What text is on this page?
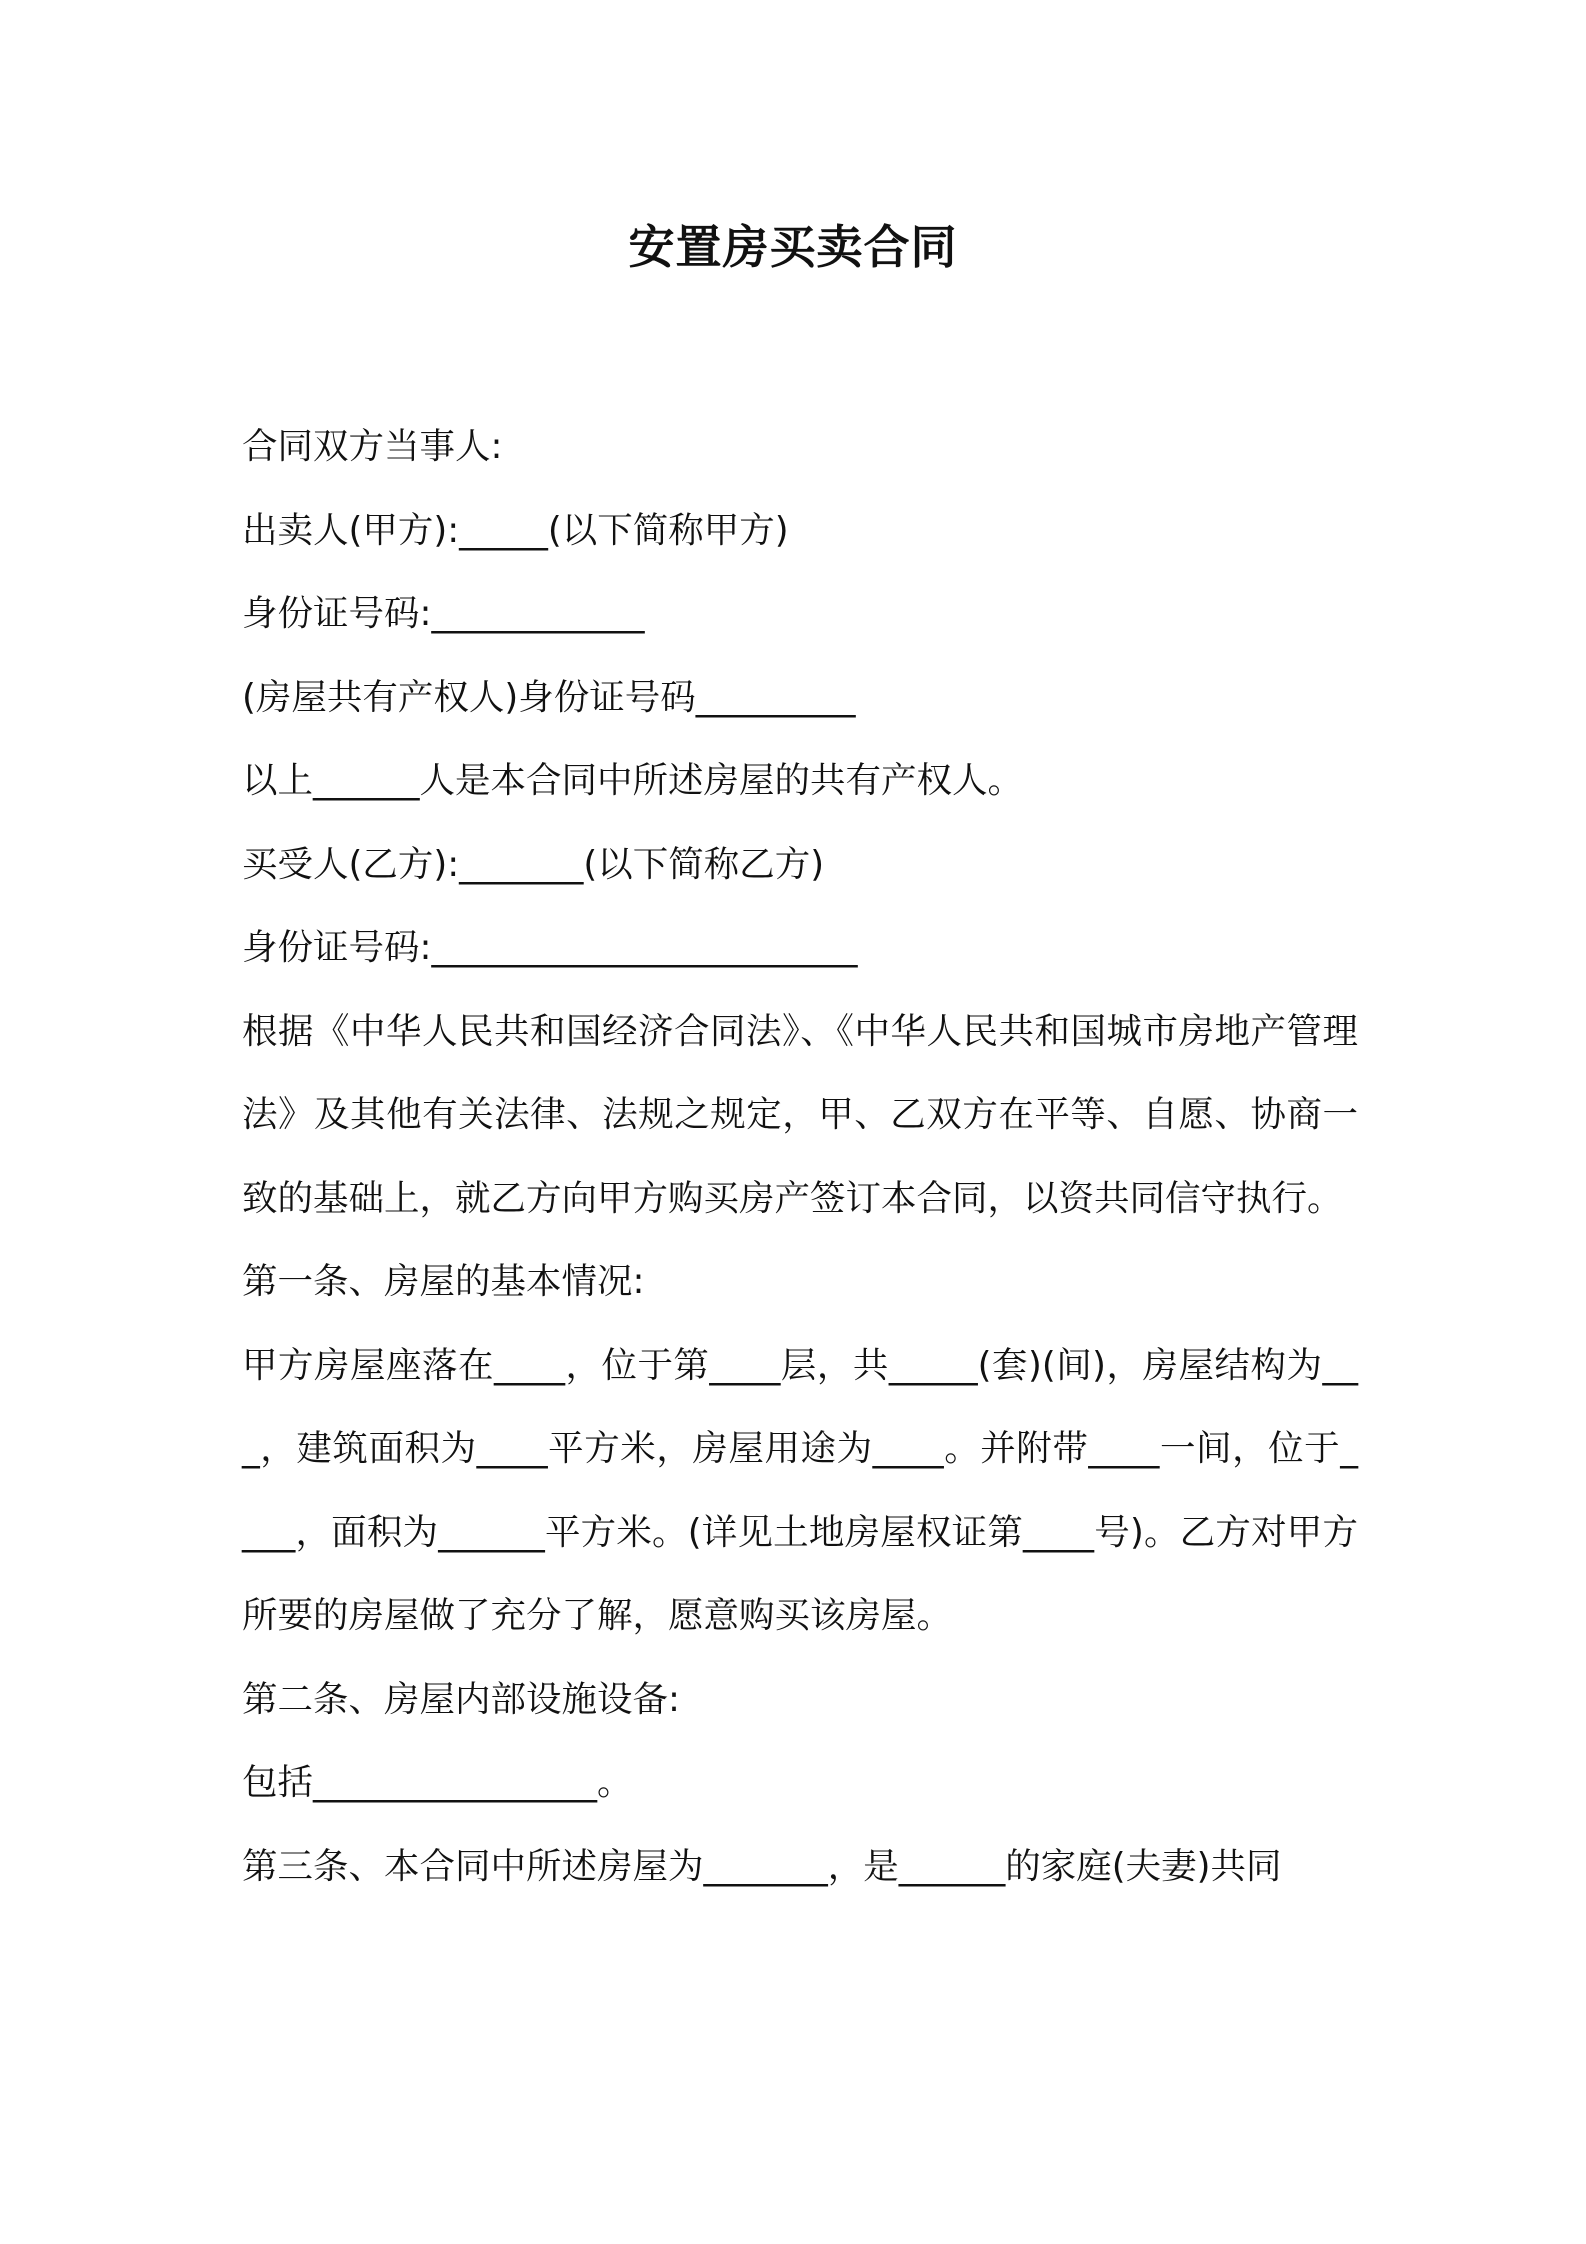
安置房买卖合同

合同双方当事人:

出卖人(甲方):_____(以下简称甲方)

身份证号码:____________

(房屋共有产权人)身份证号码_________

以上______人是本合同中所述房屋的共有产权人。

买受人(乙方):_______(以下简称乙方)

身份证号码:________________________

根据《中华人民共和国经济合同法》、《中华人民共和国城市房地产管理法》及其他有关法律、法规之规定，甲、乙双方在平等、自愿、协商一致的基础上，就乙方向甲方购买房产签订本合同，以资共同信守执行。

第一条、房屋的基本情况:

甲方房屋座落在____，位于第____层，共_____(套)(间)，房屋结构为___，建筑面积为____平方米，房屋用途为____。并附带____一间，位于____，面积为______平方米。(详见土地房屋权证第____号)。乙方对甲方所要的房屋做了充分了解，愿意购买该房屋。

第二条、房屋内部设施设备:

包括________________。

第三条、本合同中所述房屋为_______，是______的家庭(夫妻)共同
